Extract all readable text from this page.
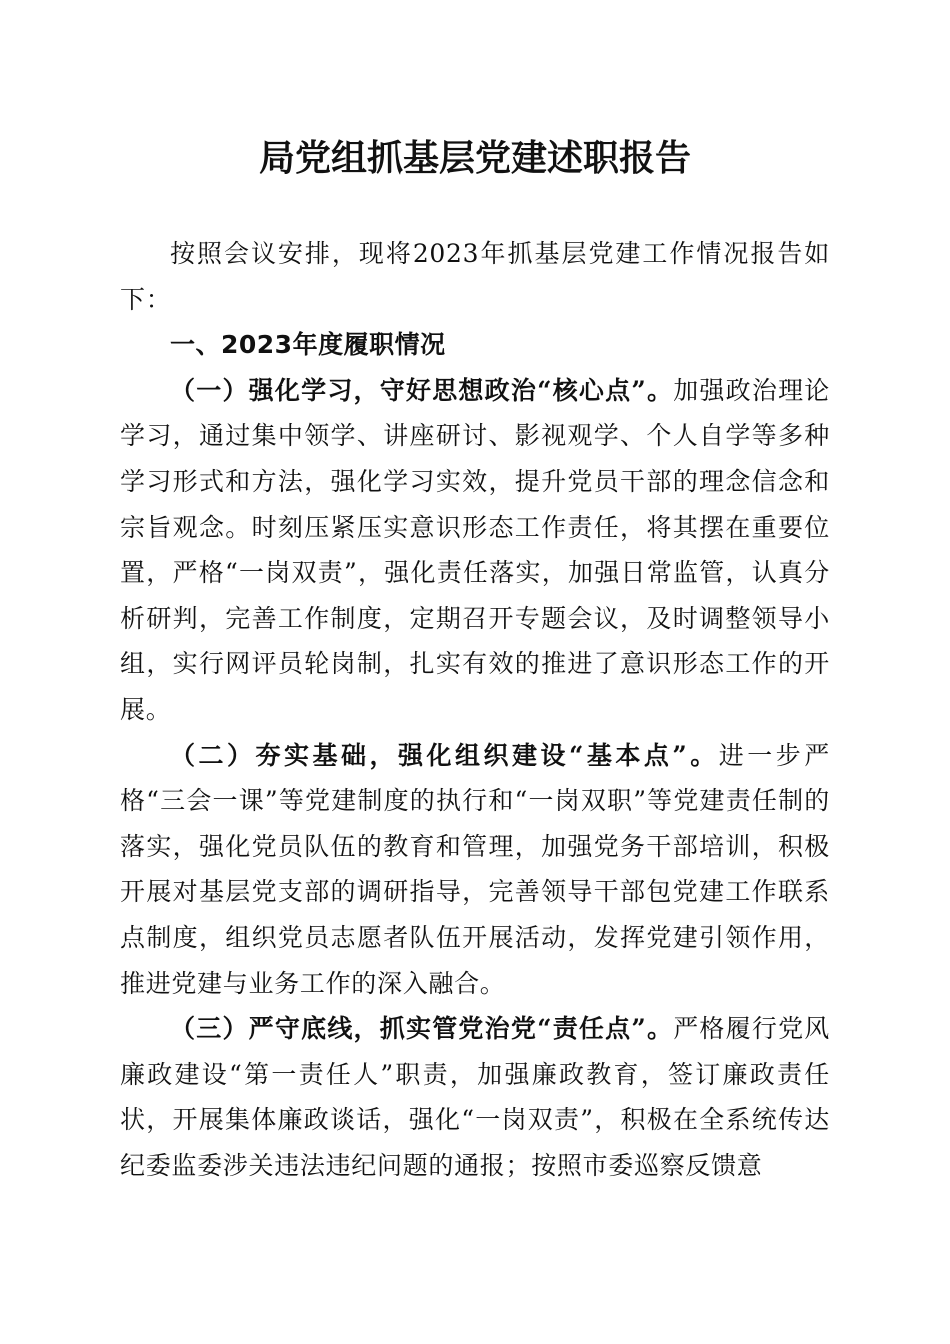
局党组抓基层党建述职报告

按照会议安排，现将2023年抓基层党建工作情况报告如下：

一、2023年度履职情况

（一）强化学习，守好思想政治“核心点”。加强政治理论学习，通过集中领学、讲座研讨、影视观学、个人自学等多种学习形式和方法，强化学习实效，提升党员干部的理念信念和宗旨观念。时刻压紧压实意识形态工作责任，将其摆在重要位置，严格“一岗双责”，强化责任落实，加强日常监管，认真分析研判，完善工作制度，定期召开专题会议，及时调整领导小组，实行网评员轮岗制，扎实有效的推进了意识形态工作的开展。

（二）夯实基础，强化组织建设“基本点”。进一步严格“三会一课”等党建制度的执行和“一岗双职”等党建责任制的落实，强化党员队伍的教育和管理，加强党务干部培训，积极开展对基层党支部的调研指导，完善领导干部包党建工作联系点制度，组织党员志愿者队伍开展活动，发挥党建引领作用，推进党建与业务工作的深入融合。

（三）严守底线，抓实管党治党“责任点”。严格履行党风廉政建设“第一责任人”职责，加强廉政教育，签订廉政责任状，开展集体廉政谈话，强化“一岗双责”，积极在全系统传达纪委监委涉关违法违纪问题的通报；按照市委巡察反馈意
